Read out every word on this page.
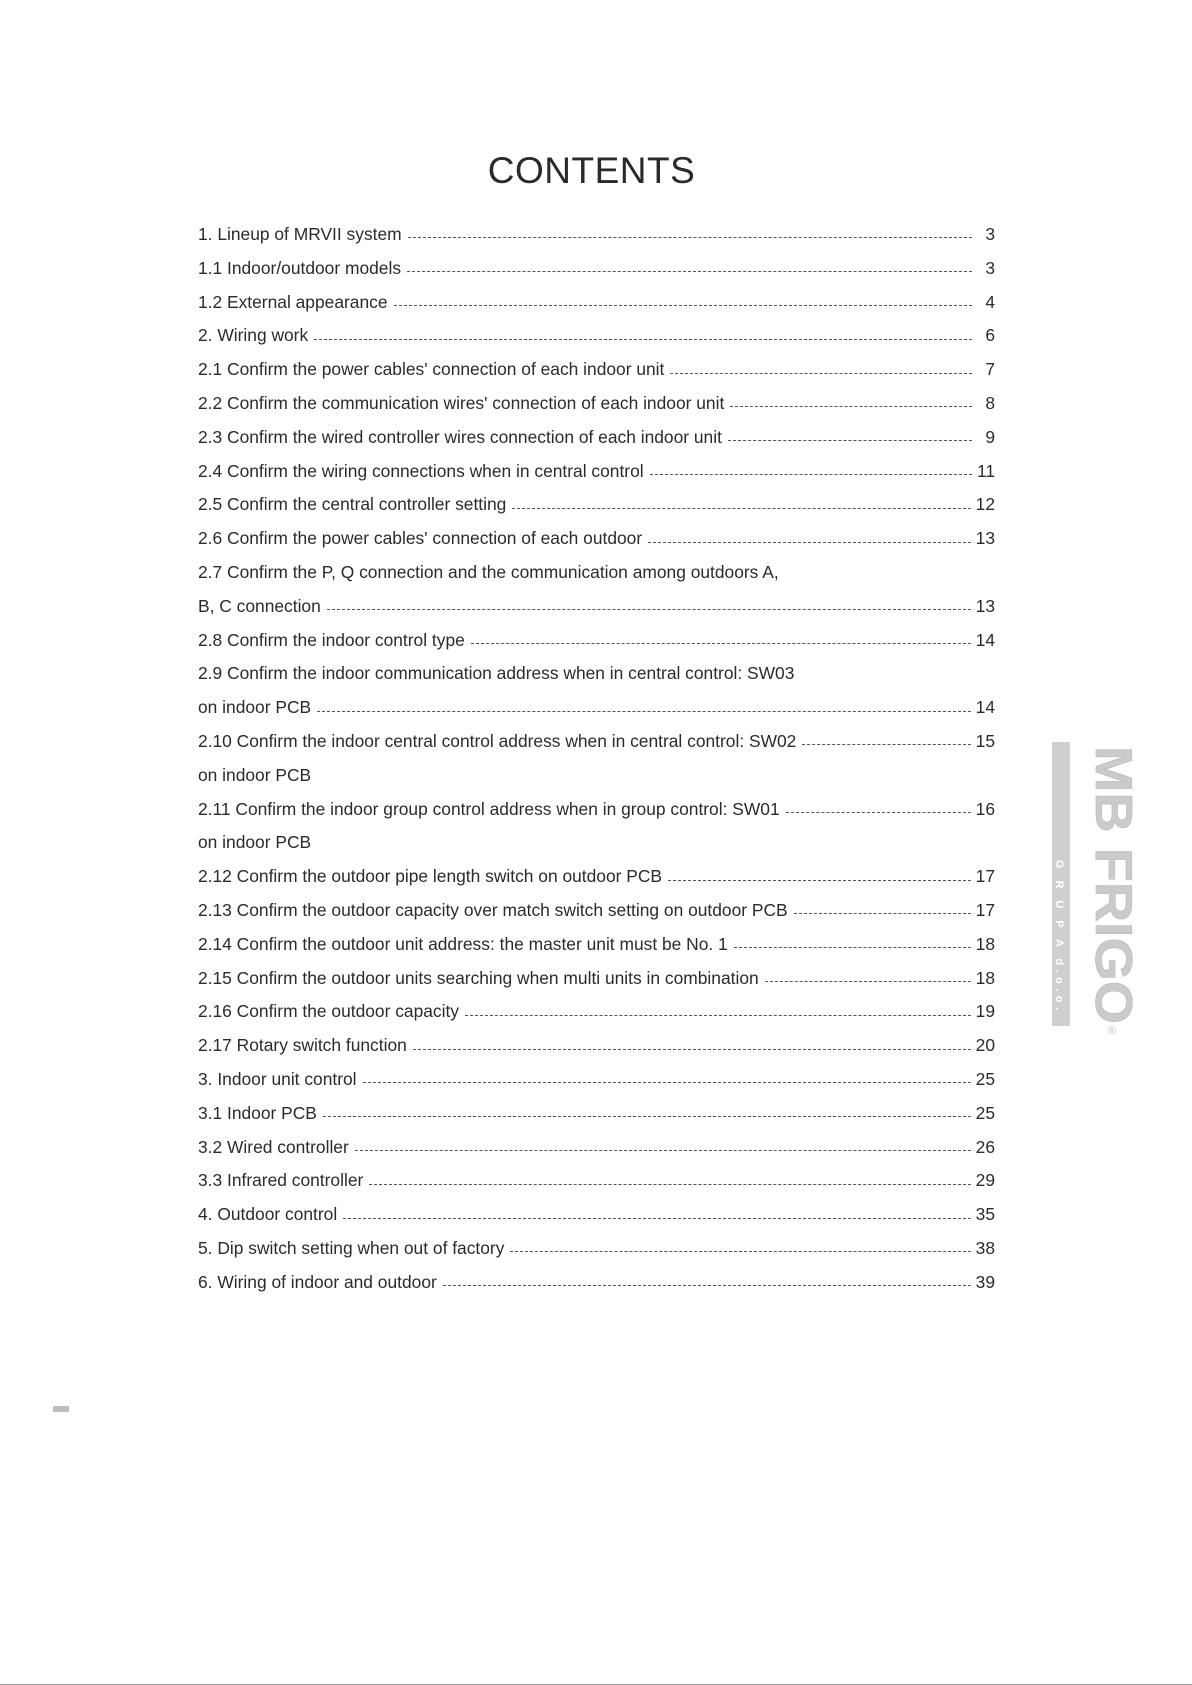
CONTENTS
1. Lineup of MRVII system	3
1.1 Indoor/outdoor models	3
1.2 External appearance	4
2. Wiring work	6
2.1 Confirm the power cables' connection of each indoor unit	7
2.2 Confirm the communication wires' connection of each indoor unit	8
2.3 Confirm the wired controller wires connection of each indoor unit	9
2.4 Confirm the wiring connections when in central control	11
2.5 Confirm the central controller setting	12
2.6 Confirm the power cables' connection of each outdoor	13
2.7 Confirm the P, Q connection and the communication among outdoors A,
B, C connection	13
2.8 Confirm the indoor control type	14
2.9 Confirm the indoor communication address when in central control: SW03
on indoor PCB	14
2.10 Confirm the indoor central control address when in central control: SW02	15
on indoor PCB
2.11 Confirm the indoor group control address when in group control: SW01	16
on indoor PCB
2.12 Confirm the outdoor pipe length switch on outdoor PCB	17
2.13 Confirm the outdoor capacity over match switch setting on outdoor PCB	17
2.14 Confirm the outdoor unit address: the master unit must be No. 1	18
2.15 Confirm the outdoor units searching when multi units in combination	18
2.16 Confirm the outdoor capacity	19
2.17 Rotary switch function	20
3. Indoor unit control	25
3.1 Indoor PCB	25
3.2 Wired controller	26
3.3 Infrared controller	29
4. Outdoor control	35
5. Dip switch setting when out of factory	38
6. Wiring of indoor and outdoor	39
MB FRIGO
G R U P A d.o.o.
®
